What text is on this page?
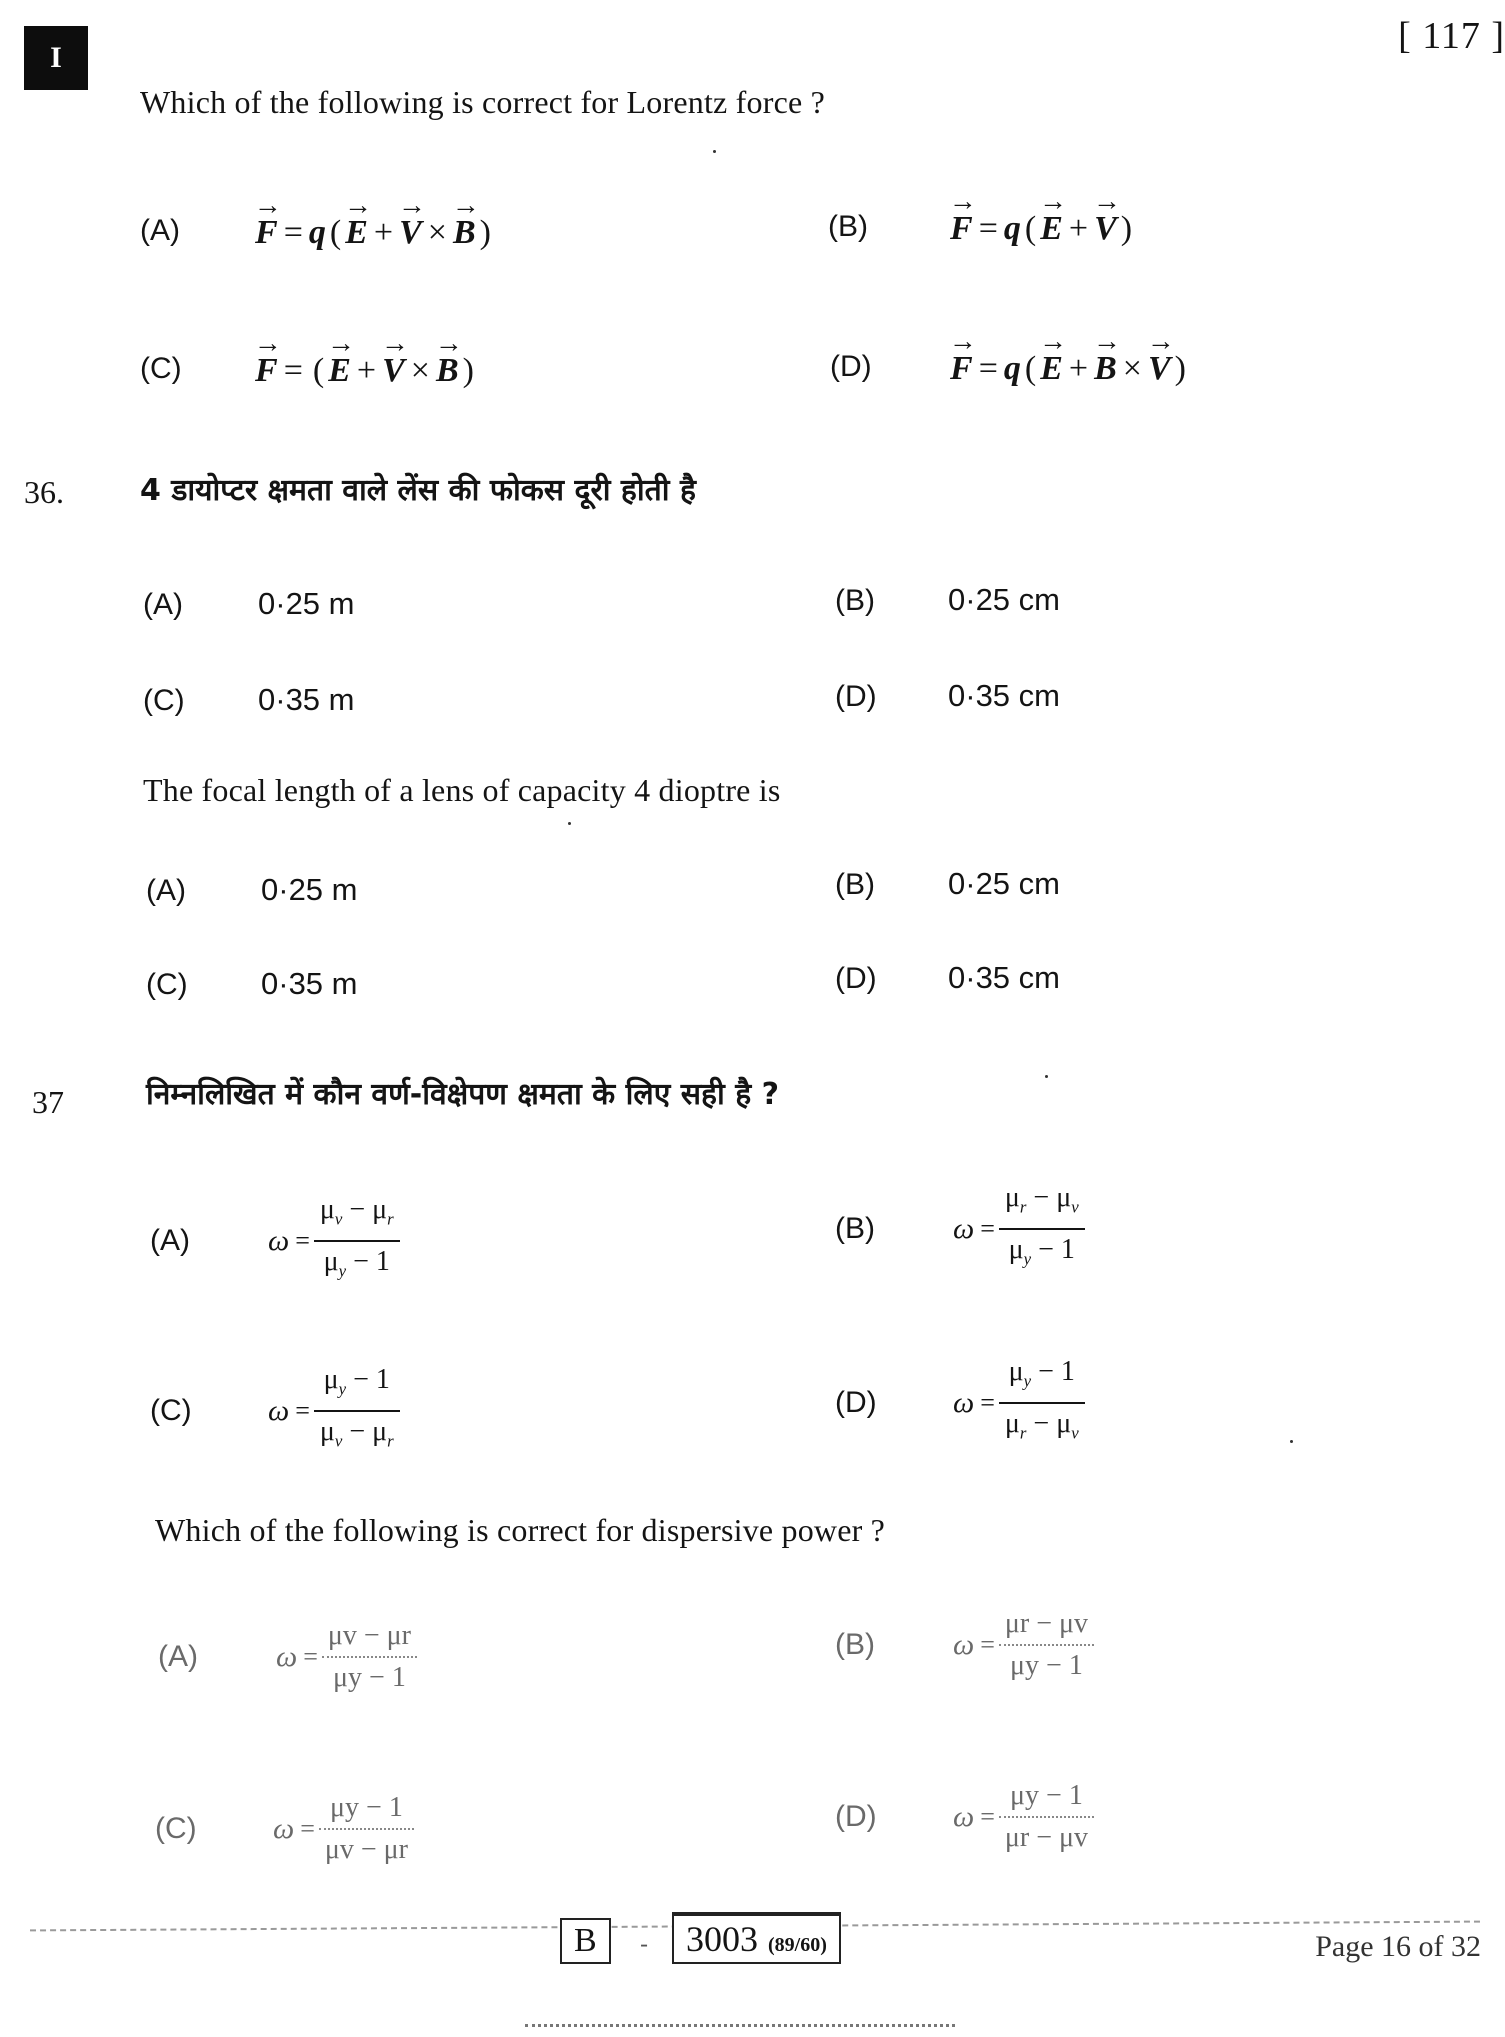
I
[ 117 ]
Which of the following is correct for Lorentz force ?
(A)	→ F = q ( → E + → V × → B )	(B)	→ F = q ( → E + → V )
(C)	→ F = ( → E + → V × → B )	(D)	→ F = q ( → E + → B × → V )
36.	4 डायोप्टर क्षमता वाले लेंस की फोकस दूरी होती है
(A) 0·25 m	(B) 0·25 cm
(C) 0·35 m	(D) 0·35 cm
The focal length of a lens of capacity 4 dioptre is
(A) 0·25 m	(B) 0·25 cm
(C) 0·35 m	(D) 0·35 cm
37	निम्नलिखित में कौन वर्ण-विक्षेपण क्षमता के लिए सही है ?
(A)	$\omega = \frac{\mu_v - \mu_r}{\mu_y - 1}$	(B)	$\omega = \frac{\mu_r - \mu_v}{\mu_y - 1}$
(C)	$\omega = \frac{\mu_y - 1}{\mu_v - \mu_r}$	(D)	$\omega = \frac{\mu_y - 1}{\mu_r - \mu_v}$
Which of the following is correct for dispersive power ?
(A)	$\omega = \frac{\mu v - \mu r}{\mu y - 1}$	(B)	$\omega = \frac{\mu r - \mu v}{\mu y - 1}$
(C)	$\omega = \frac{\mu y - 1}{\mu v - \mu r}$	(D)	$\omega = \frac{\mu y - 1}{\mu r - \mu v}$
B	-	3003 (89/60)	Page 16 of 32
